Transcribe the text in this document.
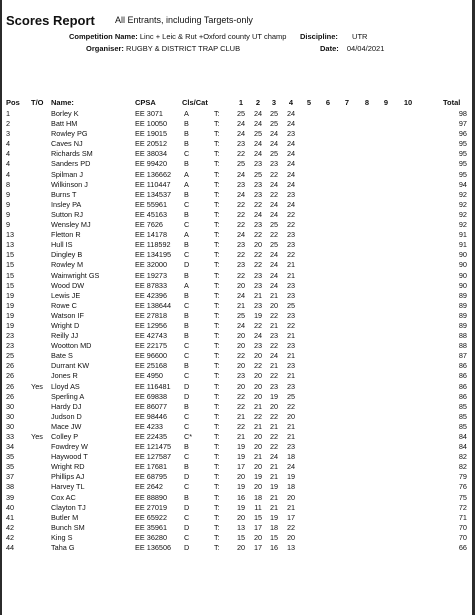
Scores Report All Entrants, including Targets-only
Competition Name: Linc + Leic & Rut +Oxford county UT champ
Organiser: RUGBY & DISTRICT TRAP CLUB
Discipline: UTR
Date: 04/04/2021
Pos T/O Name:	CPSA	Cls/Cat	1	2	3	4	5	6	7	8	9	10	Total
1	Borley K	EE 3071	A	T:	25	24	25	24	98
2	Batt HM	EE 10050 B	T:	24	24	25	24	97
3	Rowley PG	EE 19015 B	T:	24	25	24	23	96
4	Caves NJ	EE 20512 B	T:	23	24	24	24	95
4	Richards SM	EE 38034 C	T:	22	24	25	24	95
4	Sanders PD	EE 99420 B	T:	25	23	23	24	95
4	Spilman J	EE 136662 A	T:	24	25	22	24	95
8	Wilkinson J	EE 110447 A	T:	23	23	24	24	94
9	Burns T	EE 134537 B	T:	24	23	22	23	92
9	Insley PA	EE 55961 C	T:	22	22	24	24	92
9	Sutton RJ	EE 45163 B	T:	22	24	24	22	92
9	Wensley MJ	EE 7626	C	T:	22	23	25	22	92
13	Fletton R	EE 14178 A	T:	24	22	22	23	91
13	Hull IS	EE 118592 B	T:	23	20	25	23	91
15	Dingley B	EE 134195 C	T:	22	22	24	22	90
15	Rowley M	EE 32000 D	T:	23	22	24	21	90
15	Wainwright GS	EE 19273 B	T:	22	23	24	21	90
15	Wood DW	EE 87833 A	T:	20	23	24	23	90
19	Lewis JE	EE 42396 B	T:	24	21	21	23	89
19	Rowe C	EE 138644 C	T:	21	23	20	25	89
19	Watson IF	EE 27818 B	T:	25	19	22	23	89
19	Wright D	EE 12956 B	T:	24	22	21	22	89
23	Reilly JJ	EE 42743 B	T:	20	24	23	21	88
23	Wootton MD	EE 22175 C	T:	20	23	22	23	88
25	Bate S	EE 96600 C	T:	22	20	24	21	87
26	Durrant KW	EE 25168 B	T:	20	22	21	23	86
26	Jones R	EE 4950	C	T:	23	20	22	21	86
26 Yes Lloyd AS	EE 116481 D	T:	20	20	23	23	86
26	Sperling A	EE 69838 D	T:	22	20	19	25	86
30	Hardy DJ	EE 86077 B	T:	22	21	20	22	85
30	Judson D	EE 98446 C	T:	21	22	22	20	85
30	Mace JW	EE 4233	C	T:	22	21	21	21	85
33 Yes Colley P	EE 22435 C*	T:	21	20	22	21	84
34	Fowdrey W	EE 121475 B	T:	19	20	22	23	84
35	Haywood T	EE 127587 C	T:	19	21	24	18	82
35	Wright RD	EE 17681 B	T:	17	20	21	24	82
37	Phillips AJ	EE 68795 D	T:	20	19	21	19	79
38	Harvey TL	EE 2642	C	T:	19	20	19	18	76
39	Cox AC	EE 88890 B	T:	16	18	21	20	75
40	Clayton TJ	EE 27019 D	T:	19	11	21	21	72
41	Butler M	EE 65922 C	T:	20	15	19	17	71
42	Bunch SM	EE 35961 D	T:	13	17	18	22	70
42	King S	EE 36280 C	T:	15	20	15	20	70
44	Taha G	EE 136506 D	T:	20	17	16	13	66
